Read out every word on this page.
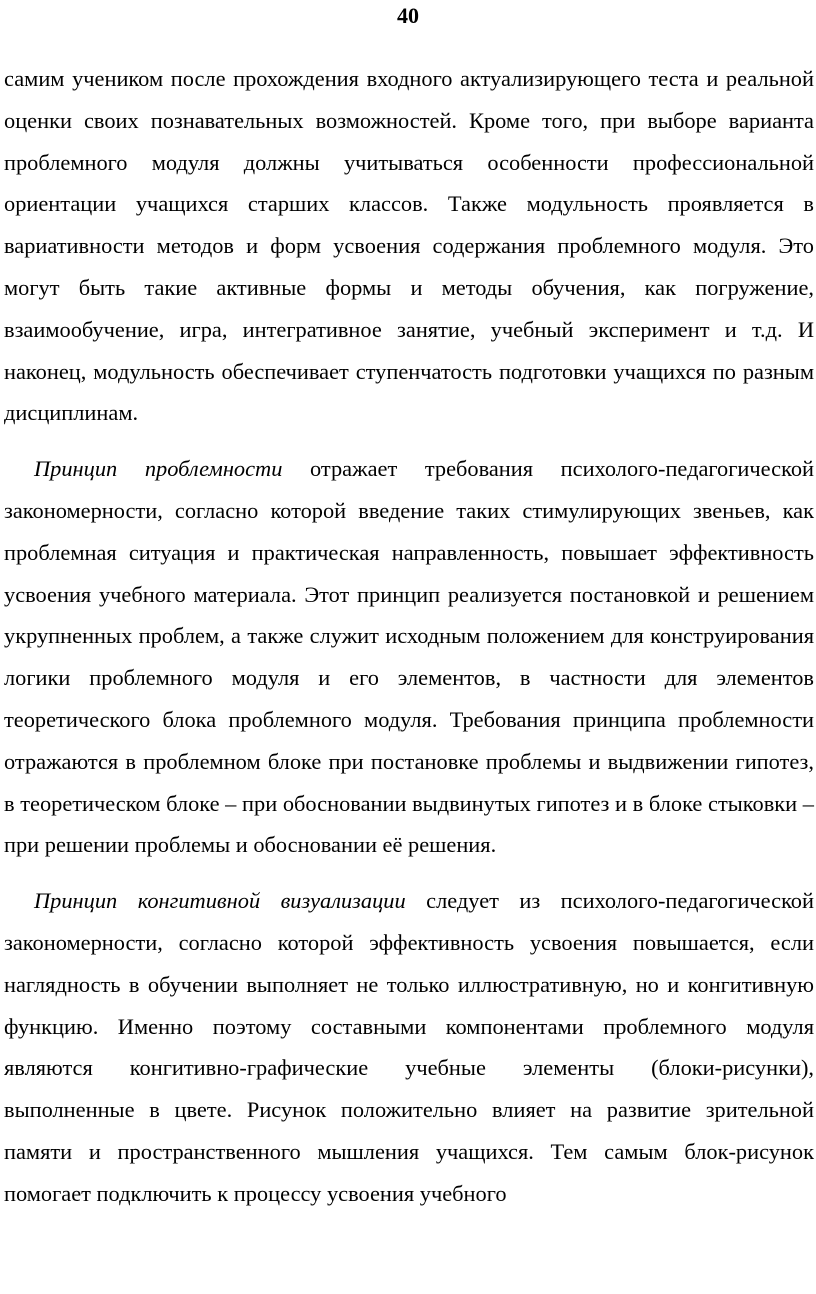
40

самим учеником после прохождения входного актуализирующего теста и реальной оценки своих познавательных возможностей. Кроме того, при выборе варианта проблемного модуля должны учитываться особенности профессиональной ориентации учащихся старших классов. Также модульность проявляется в вариативности методов и форм усвоения содержания проблемного модуля. Это могут быть такие активные формы и методы обучения, как погружение, взаимообучение, игра, интегративное занятие, учебный эксперимент и т.д. И наконец, модульность обеспечивает ступенчатость подготовки учащихся по разным дисциплинам.

Принцип проблемности отражает требования психолого-педагогической закономерности, согласно которой введение таких стимулирующих звеньев, как проблемная ситуация и практическая направленность, повышает эффективность усвоения учебного материала. Этот принцип реализуется постановкой и решением укрупненных проблем, а также служит исходным положением для конструирования логики проблемного модуля и его элементов, в частности для элементов теоретического блока проблемного модуля. Требования принципа проблемности отражаются в проблемном блоке при постановке проблемы и выдвижении гипотез, в теоретическом блоке – при обосновании выдвинутых гипотез и в блоке стыковки – при решении проблемы и обосновании её решения.

Принцип конгитивной визуализации следует из психолого-педагогической закономерности, согласно которой эффективность усвоения повышается, если наглядность в обучении выполняет не только иллюстративную, но и конгитивную функцию. Именно поэтому составными компонентами проблемного модуля являются конгитивно-графические учебные элементы (блоки-рисунки), выполненные в цвете. Рисунок положительно влияет на развитие зрительной памяти и пространственного мышления учащихся. Тем самым блок-рисунок помогает подключить к процессу усвоения учебного
